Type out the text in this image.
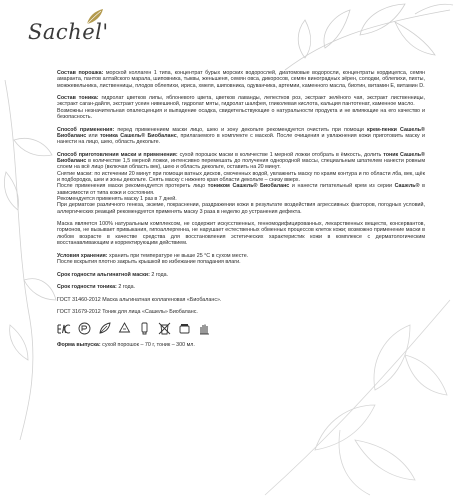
Sachel'

Состав порошка: морской коллаген 1 типа, концентрат бурых морских водорослей, диатомовые водоросли, концентраты кордицепса, семян амаранта, пантов алтайского марала, шиповника, тыквы, женьшеня, семян овса, дикоросов, семян виноградных зёрен, солодки, облепихи, пихты, можжевельника, лиственницы, плодов облепихи, ириса, хмеля, шиповника, одуванчика, артемии, каменного масла, биотин, витамин E, витамин D.

Состав тоника: гидролат цветков липы, яблоневого цвета, цветков лаванды, лепестков роз, экстракт зелёного чая, экстракт лиственницы, экстракт саган-дайля, экстракт усеин нивешиной, гидролат мяты, гидролат шалфея, гликолевая кислота, кальция пантотенат, каменное масло.

Возможны незначительная опалесценция и выпадение осадка, свидетельствующие о натуральности продукта и не влияющие на его качество и безопасность.

Способ применения: перед применением маски лицо, шею и зону декольте рекомендуется очистить при помощи крем-пенки Сашель® Биобаланс или тоника Сашель® Биобаланс, прилагаемого в комплекте с маской. После очищения и увлажнения кожи приготовить маску и нанести на лицо, шею, область декольте.

Способ приготовления маски и применения: сухой порошок маски в количестве 1 мерной ложки отобрать в ёмкость, долить тоник Сашель® Биобаланс в количестве 1,5 мерной ложки, интенсивно перемешать до получения однородной массы, специальным шпателем нанести ровным слоем на всё лицо (включая область век), шею и область декольте, оставить на 20 минут.

Снятие маски: по истечении 20 минут при помощи ватных дисков, смоченных водой, увлажнить маску по краям контура и по области лба, век, щёк и подбородка, шеи и зоны декольте. Снять маску с нижнего края области декольте – снизу вверх.

После применения маски рекомендуется протереть лицо тоником Сашель® Биобаланс и нанести питательный крем из серии Сашель® в зависимости от типа кожи и состояния.

Рекомендуется применять маску 1 раз в 7 дней.

При дерматозе различного генеза, экземе, покраснении, раздражении кожи в результате воздействия агрессивных факторов, погодных условий, аллергических реакций рекомендуется применять маску 3 раза в неделю до устранения дефекта.

Маска является 100% натуральным комплексом, не содержит искусственных, генномодифицированных, лекарственных веществ, консервантов, гормонов, не вызывает привыкания, гипоаллергенна, не нарушает естественных обменных процессов клеток кожи; возможно применение маски в любом возрасте в качестве средства для восстановления эстетических характеристик кожи в комплексе с дерматологическим восстанавливающим и корректирующим действием.

Условия хранения: хранить при температуре не выше 25 °С в сухом месте.

После вскрытия плотно закрыть крышкой во избежание попадания влаги.

Срок годности альгинатной маски: 2 года.

Срок годности тоника: 2 года.

ГОСТ 31460-2012 Маска альгинатная коллагеновая «Биобаланс».

ГОСТ 31679-2012 Тоник для лица «Сашель» Биобаланс.

Форма выпуска: сухой порошок – 70 г, тоник – 300 мл.
